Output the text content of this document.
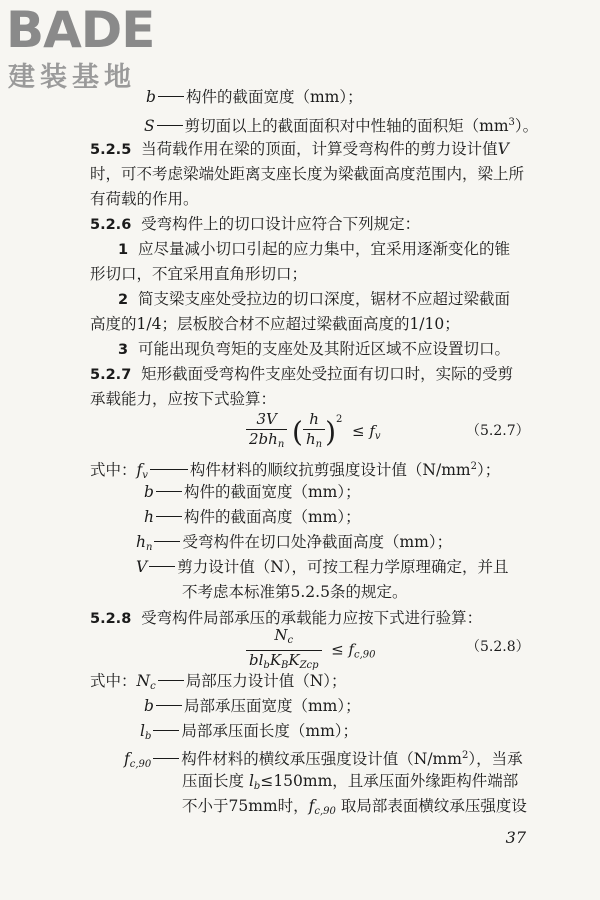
BADE
建装基地
b 构件的截面宽度（mm）；
S 剪切面以上的截面面积对中性轴的面积矩$(mm^3)$。
5.2.5 当荷载作用在梁的顶面，计算受弯构件的剪力设计值V
时，可不考虑梁端处距离支座长度为梁截面高度范围内，梁上所
有荷载的作用。
5.2.6 受弯构件上的切口设计应符合下列规定：
1 应尽量减小切口引起的应力集中，宜采用逐渐变化的锥
形切口，不宜采用直角形切口；
2 简支梁支座处受拉边的切口深度，锯材不应超过梁截面
高度的1/4；层板胶合材不应超过梁截面高度的1/10；
3 可能出现负弯矩的支座处及其附近区域不应设置切口。
5.2.7 矩形截面受弯构件支座处受拉面有切口时，实际的受剪
承载能力，应按下式验算：
$\frac{3V}{2bh_n}$ ( $\frac{h}{h_n} )^2 \le f_v$	（5.2.7）
式中：$f_v$	构件材料的顺纹抗剪强度设计值$(N/mm^2)$；
b 构件的截面宽度（mm）；
h 构件的截面高度（mm）；
$h_n$ 受弯构件在切口处净截面高度（mm）；
V 剪力设计值（N），可按工程力学原理确定，并且
不考虑本标准第5.2.5条的规定。
5.2.8 受弯构件局部承压的承载能力应按下式进行验算：
$\frac{N_c}{bl_bK_BK_{Zcp}} \le f_{c,90}$	（5.2.8）
式中：$N_c$ 局部压力设计值（N）；
b 局部承压面宽度（mm）；
$l_b$ 局部承压面长度（mm）；
$f_{c,90}$ 构件材料的横纹承压强度设计值$(N/mm^2)$，当承
压面长度 $l_b\le 150mm$，且承压面外缘距构件端部
不小于75mm时，$f_{c,90}$ 取局部表面横纹承压强度设
37
